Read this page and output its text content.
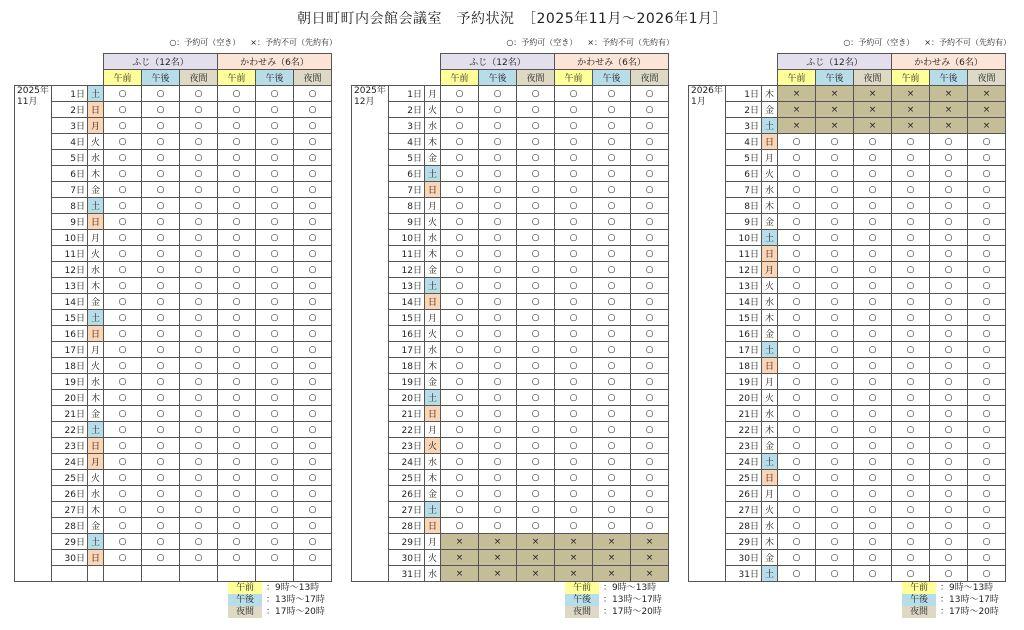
朝日町町内会館会議室　予約状況　［2025年11月～2026年1月］
○：予約可（空き） ×：予約不可（先約有）
			ふじ（12名）			かわせみ（6名）		
			午前	午後	夜間	午前	午後	夜間

2025年
11月	1日	土	○	○	○	○	○	○
	2日	日	○	○	○	○	○	○
	3日	月	○	○	○	○	○	○
	4日	火	○	○	○	○	○	○
	5日	水	○	○	○	○	○	○
	6日	木	○	○	○	○	○	○
	7日	金	○	○	○	○	○	○
	8日	土	○	○	○	○	○	○
	9日	日	○	○	○	○	○	○
	10日	月	○	○	○	○	○	○
	11日	火	○	○	○	○	○	○
	12日	水	○	○	○	○	○	○
	13日	木	○	○	○	○	○	○
	14日	金	○	○	○	○	○	○
	15日	土	○	○	○	○	○	○
	16日	日	○	○	○	○	○	○
	17日	月	○	○	○	○	○	○
	18日	火	○	○	○	○	○	○
	19日	水	○	○	○	○	○	○
	20日	木	○	○	○	○	○	○
	21日	金	○	○	○	○	○	○
	22日	土	○	○	○	○	○	○
	23日	日	○	○	○	○	○	○
	24日	月	○	○	○	○	○	○
	25日	火	○	○	○	○	○	○
	26日	水	○	○	○	○	○	○
	27日	木	○	○	○	○	○	○
	28日	金	○	○	○	○	○	○
	29日	土	○	○	○	○	○	○
	30日	日	○	○	○	○	○	○

○：予約可（空き） ×：予約不可（先約有）
			ふじ（12名）			かわせみ（6名）		
			午前	午後	夜間	午前	午後	夜間

2025年
12月	1日	月	○	○	○	○	○	○
	2日	火	○	○	○	○	○	○
	3日	水	○	○	○	○	○	○
	4日	木	○	○	○	○	○	○
	5日	金	○	○	○	○	○	○
	6日	土	○	○	○	○	○	○
	7日	日	○	○	○	○	○	○
	8日	月	○	○	○	○	○	○
	9日	火	○	○	○	○	○	○
	10日	水	○	○	○	○	○	○
	11日	木	○	○	○	○	○	○
	12日	金	○	○	○	○	○	○
	13日	土	○	○	○	○	○	○
	14日	日	○	○	○	○	○	○
	15日	月	○	○	○	○	○	○
	16日	火	○	○	○	○	○	○
	17日	水	○	○	○	○	○	○
	18日	木	○	○	○	○	○	○
	19日	金	○	○	○	○	○	○
	20日	土	○	○	○	○	○	○
	21日	日	○	○	○	○	○	○
	22日	月	○	○	○	○	○	○
	23日	火	○	○	○	○	○	○
	24日	水	○	○	○	○	○	○
	25日	木	○	○	○	○	○	○
	26日	金	○	○	○	○	○	○
	27日	土	○	○	○	○	○	○
	28日	日	○	○	○	○	○	○
	29日	月	×	×	×	×	×	×
	30日	火	×	×	×	×	×	×
	31日	水	×	×	×	×	×	×
○：予約可（空き） ×：予約不可（先約有）
			ふじ（12名）			かわせみ（6名）		
			午前	午後	夜間	午前	午後	夜間

2026年
1月	1日	木	×	×	×	×	×	×
	2日	金	×	×	×	×	×	×
	3日	土	×	×	×	×	×	×
	4日	日	○	○	○	○	○	○
	5日	月	○	○	○	○	○	○
	6日	火	○	○	○	○	○	○
	7日	水	○	○	○	○	○	○
	8日	木	○	○	○	○	○	○
	9日	金	○	○	○	○	○	○
	10日	土	○	○	○	○	○	○
	11日	日	○	○	○	○	○	○
	12日	月	○	○	○	○	○	○
	13日	火	○	○	○	○	○	○
	14日	水	○	○	○	○	○	○
	15日	木	○	○	○	○	○	○
	16日	金	○	○	○	○	○	○
	17日	土	○	○	○	○	○	○
	18日	日	○	○	○	○	○	○
	19日	月	○	○	○	○	○	○
	20日	火	○	○	○	○	○	○
	21日	水	○	○	○	○	○	○
	22日	木	○	○	○	○	○	○
	23日	金	○	○	○	○	○	○
	24日	土	○	○	○	○	○	○
	25日	日	○	○	○	○	○	○
	26日	月	○	○	○	○	○	○
	27日	火	○	○	○	○	○	○
	28日	水	○	○	○	○	○	○
	29日	木	○	○	○	○	○	○
	30日	金	○	○	○	○	○	○
	31日	土	○	○	○	○	○	○
午前	：9時～13時
午後	：13時～17時
夜間	：17時～20時
午前	：9時～13時
午後	：13時～17時
夜間	：17時～20時
午前	：9時～13時
午後	：13時～17時
夜間	：17時～20時
